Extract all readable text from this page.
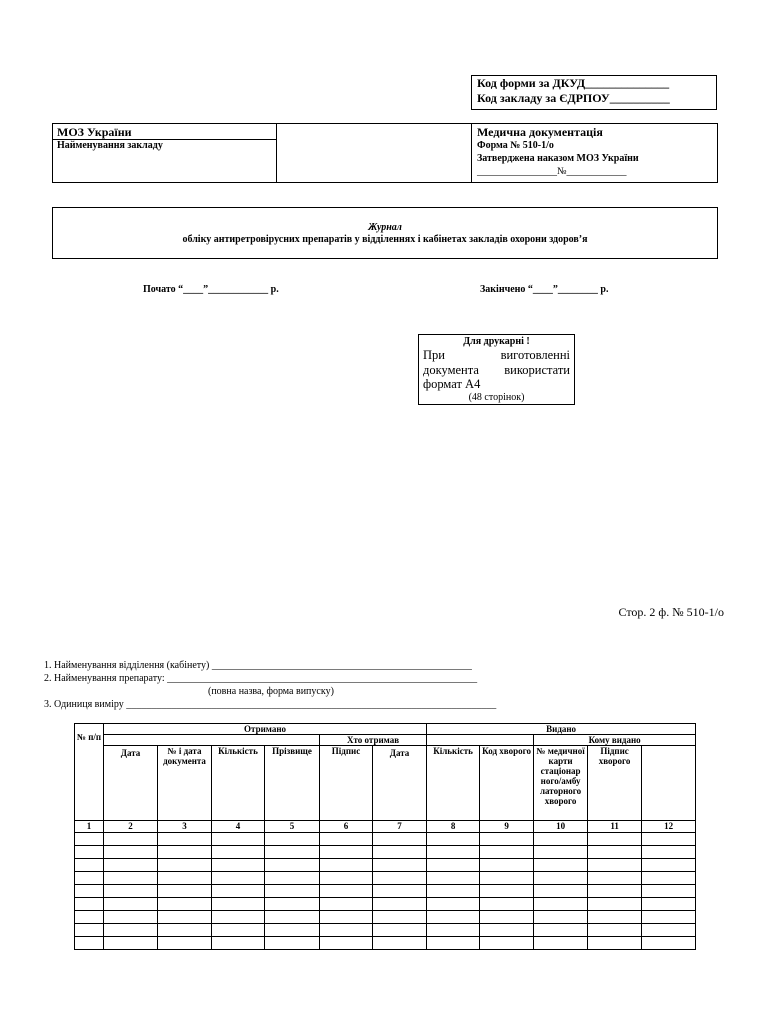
Код форми за ДКУД______________
Код закладу за ЄДРПОУ__________
МОЗ України
Найменування закладу
Медична документація
Форма № 510-1/о
Затверджена наказом МОЗ України
________________№____________
Журнал
обліку антиретровірусних препаратів у відділеннях і кабінетах закладів охорони здоров’я
Почато “____”____________ р.	Закінчено “____”________ р.
Для друкарні !
При виготовленні
документа використати
формат А4
(48 сторінок)
Стор. 2 ф. № 510-1/о
1. Найменування відділення (кабінету) ____________________________________________________
2. Найменування препарату: ______________________________________________________________
(повна назва, форма випуску)
3. Одиниця виміру __________________________________________________________________________
№ п/п	Отримано						Видано	
					Хто отримав				Кому видано			
	Дата	№ і дата документа	Кількість	Прізвище	Підпис	Дата	Кількість	Код хворого	№ медичної карти стаціонар ного/амбу латорного хворого	Підпис хворого		
1	2	3	4	5	6	7	8	9	10	11	12	
